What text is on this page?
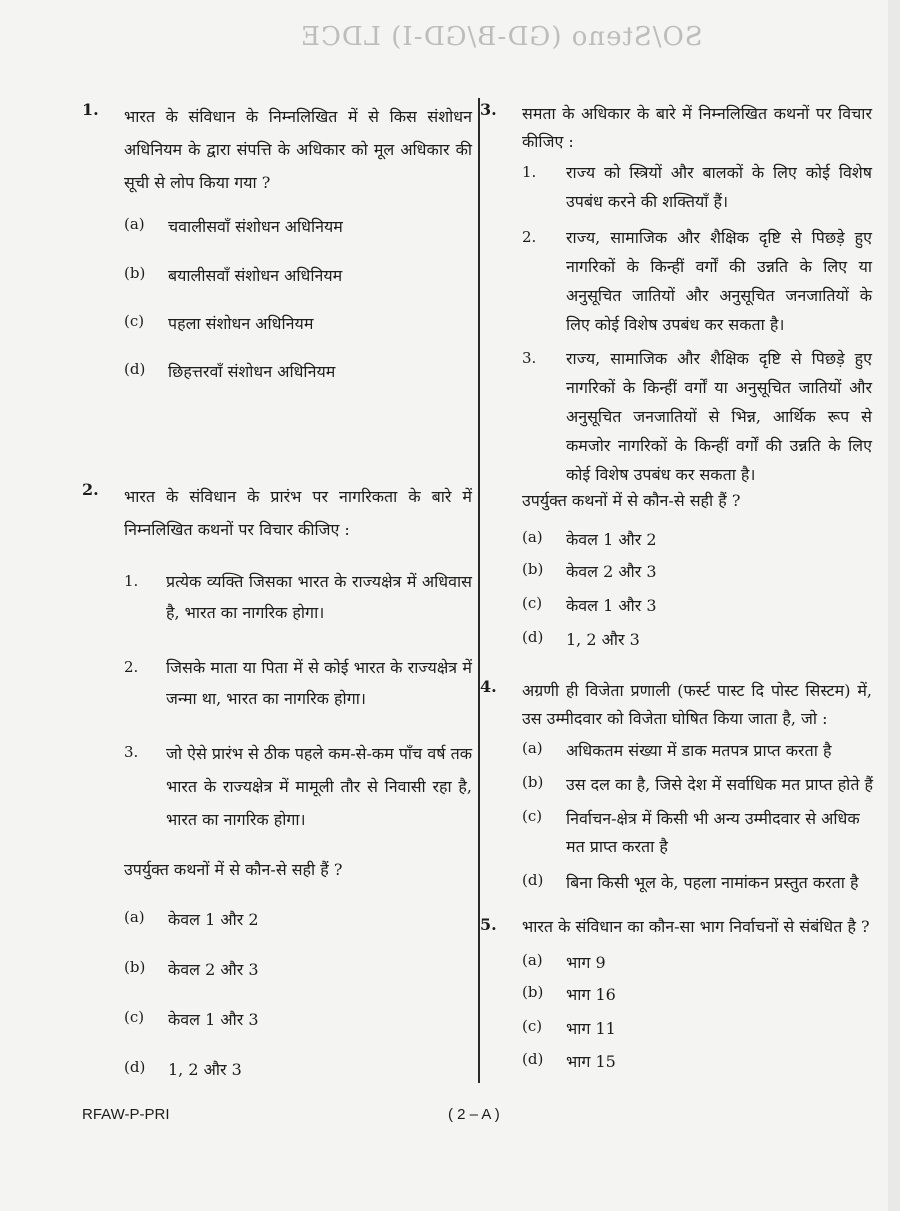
SO/Steno (GD-B/GD-I) LDCE
1. भारत के संविधान के निम्नलिखित में से किस संशोधन अधिनियम के द्वारा संपत्ति के अधिकार को मूल अधिकार की सूची से लोप किया गया ?
(a) चवालीसवाँ संशोधन अधिनियम
(b) बयालीसवाँ संशोधन अधिनियम
(c) पहला संशोधन अधिनियम
(d) छिहत्तरवाँ संशोधन अधिनियम
2. भारत के संविधान के प्रारंभ पर नागरिकता के बारे में निम्नलिखित कथनों पर विचार कीजिए :
1. प्रत्येक व्यक्ति जिसका भारत के राज्यक्षेत्र में अधिवास है, भारत का नागरिक होगा।
2. जिसके माता या पिता में से कोई भारत के राज्यक्षेत्र में जन्मा था, भारत का नागरिक होगा।
3. जो ऐसे प्रारंभ से ठीक पहले कम-से-कम पाँच वर्ष तक भारत के राज्यक्षेत्र में मामूली तौर से निवासी रहा है, भारत का नागरिक होगा।
उपर्युक्त कथनों में से कौन-से सही हैं ?
(a) केवल 1 और 2
(b) केवल 2 और 3
(c) केवल 1 और 3
(d) 1, 2 और 3
3. समता के अधिकार के बारे में निम्नलिखित कथनों पर विचार कीजिए :
1. राज्य को स्त्रियों और बालकों के लिए कोई विशेष उपबंध करने की शक्तियाँ हैं।
2. राज्य, सामाजिक और शैक्षिक दृष्टि से पिछड़े हुए नागरिकों के किन्हीं वर्गों की उन्नति के लिए या अनुसूचित जातियों और अनुसूचित जनजातियों के लिए कोई विशेष उपबंध कर सकता है।
3. राज्य, सामाजिक और शैक्षिक दृष्टि से पिछड़े हुए नागरिकों के किन्हीं वर्गों या अनुसूचित जातियों और अनुसूचित जनजातियों से भिन्न, आर्थिक रूप से कमजोर नागरिकों के किन्हीं वर्गों की उन्नति के लिए कोई विशेष उपबंध कर सकता है।
उपर्युक्त कथनों में से कौन-से सही हैं ?
(a) केवल 1 और 2
(b) केवल 2 और 3
(c) केवल 1 और 3
(d) 1, 2 और 3
4. अग्रणी ही विजेता प्रणाली (फर्स्ट पास्ट दि पोस्ट सिस्टम) में, उस उम्मीदवार को विजेता घोषित किया जाता है, जो :
(a) अधिकतम संख्या में डाक मतपत्र प्राप्त करता है
(b) उस दल का है, जिसे देश में सर्वाधिक मत प्राप्त होते हैं
(c) निर्वाचन-क्षेत्र में किसी भी अन्य उम्मीदवार से अधिक मत प्राप्त करता है
(d) बिना किसी भूल के, पहला नामांकन प्रस्तुत करता है
5. भारत के संविधान का कौन-सा भाग निर्वाचनों से संबंधित है ?
(a) भाग 9
(b) भाग 16
(c) भाग 11
(d) भाग 15
RFAW-P-PRI	( 2 – A )
